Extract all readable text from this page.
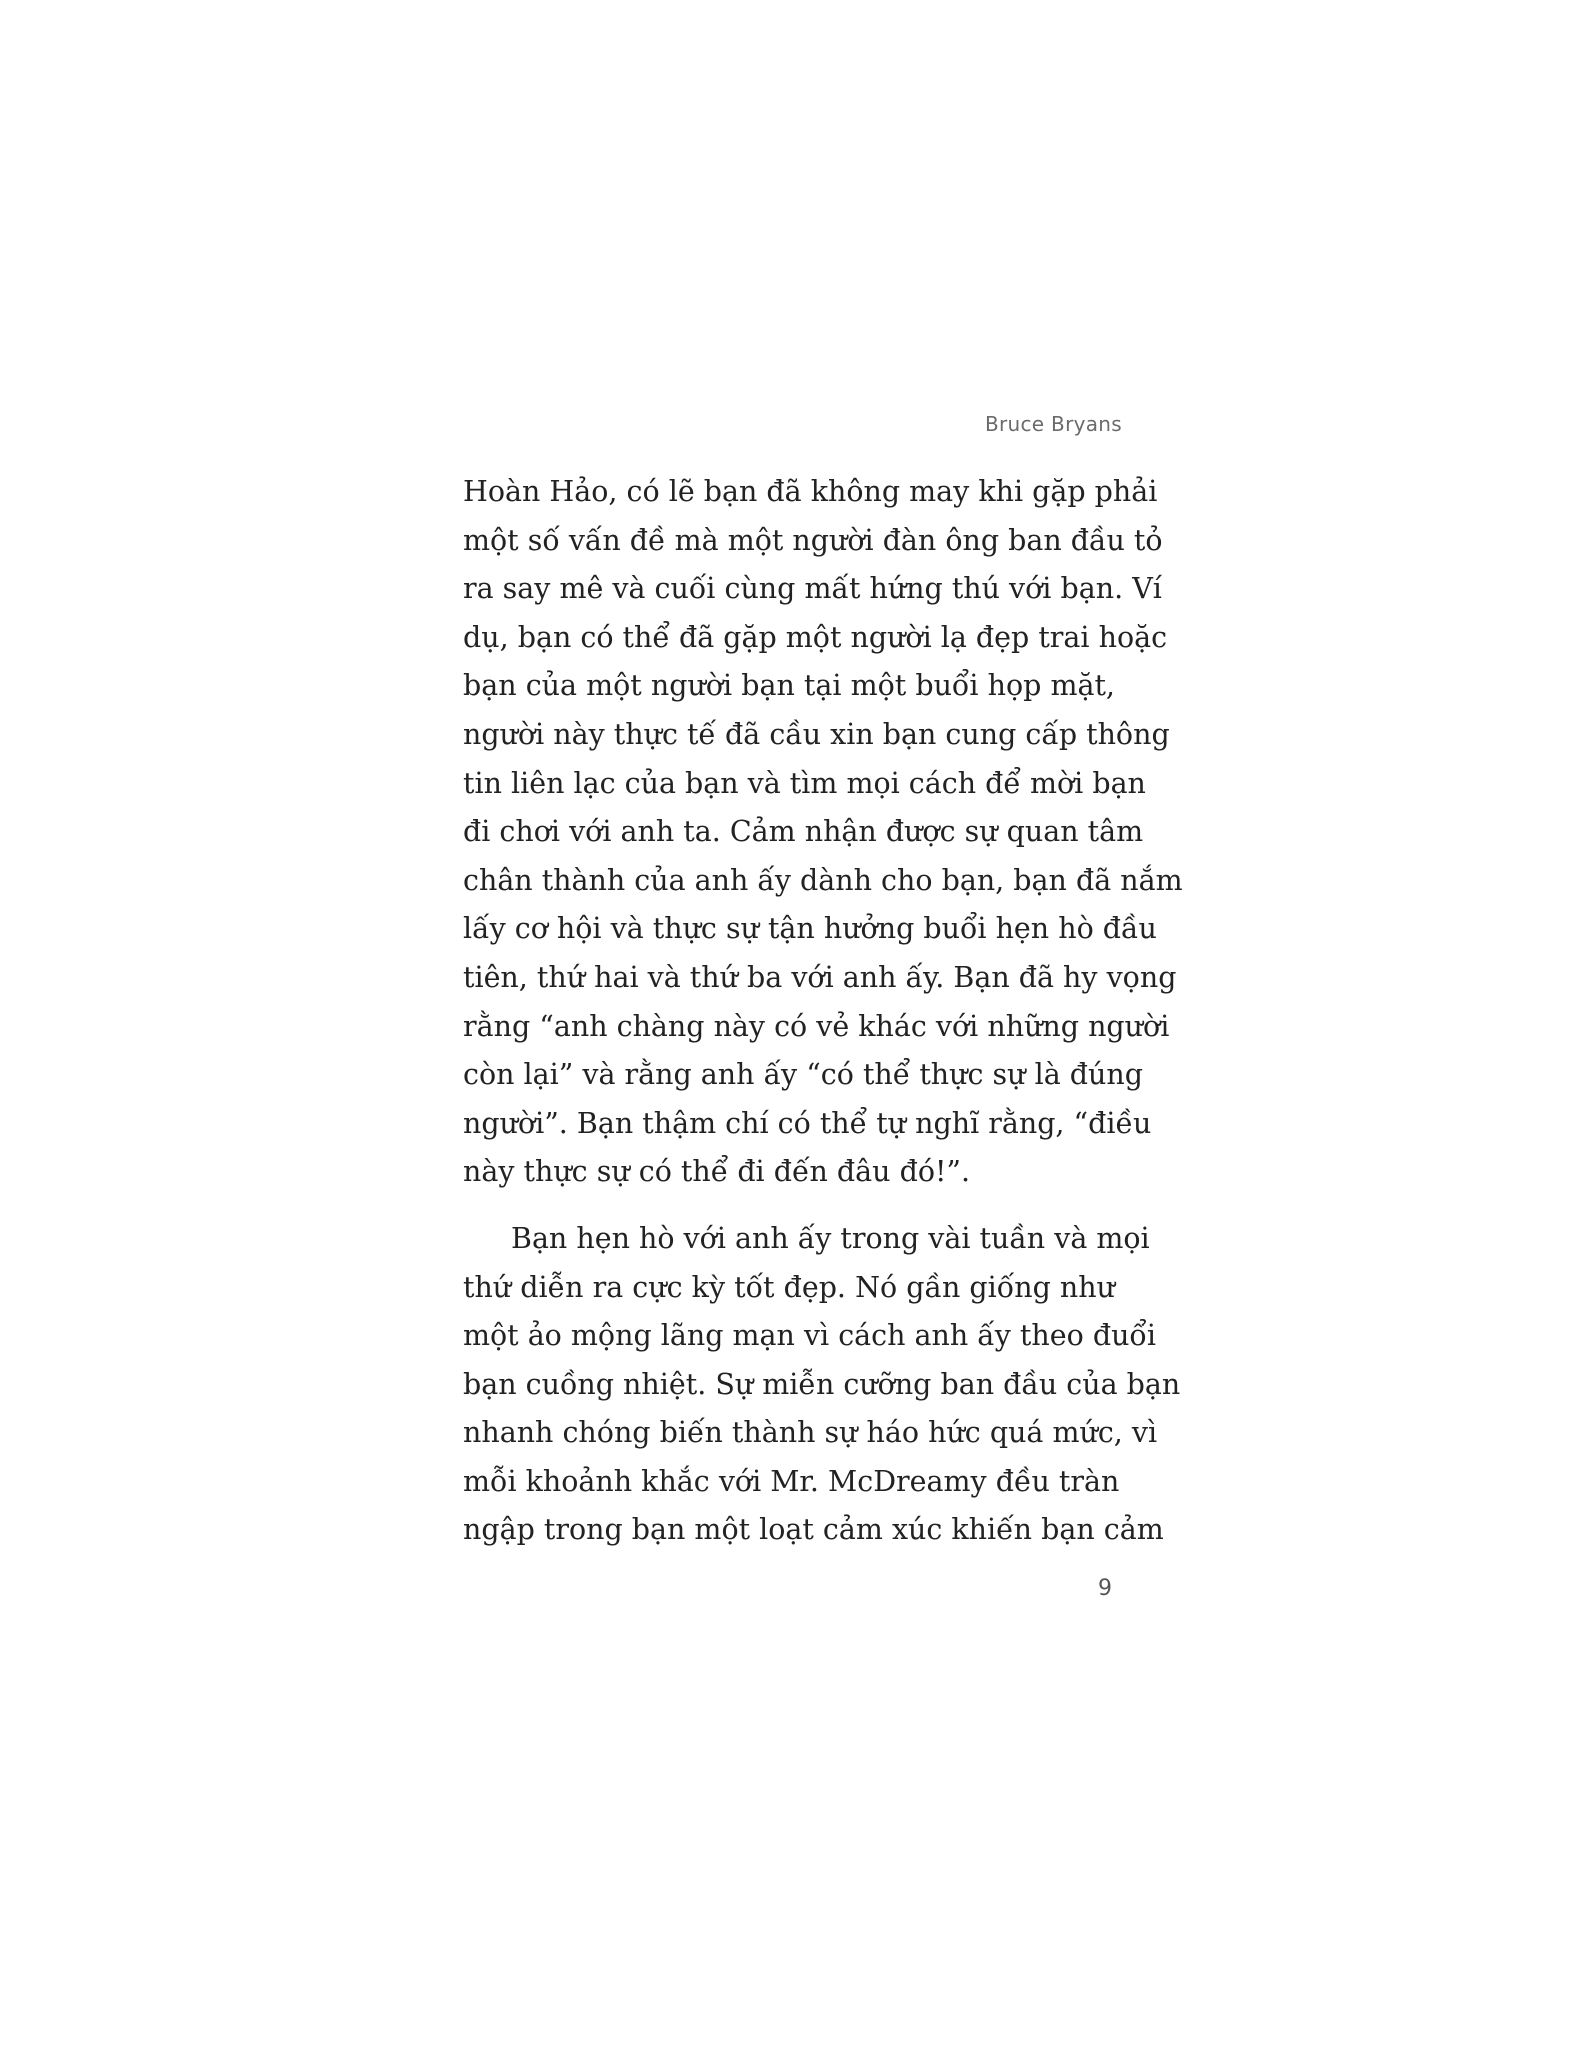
Bruce Bryans
Hoàn Hảo, có lẽ bạn đã không may khi gặp phải
một số vấn đề mà một người đàn ông ban đầu tỏ
ra say mê và cuối cùng mất hứng thú với bạn. Ví
dụ, bạn có thể đã gặp một người lạ đẹp trai hoặc
bạn của một người bạn tại một buổi họp mặt,
người này thực tế đã cầu xin bạn cung cấp thông
tin liên lạc của bạn và tìm mọi cách để mời bạn
đi chơi với anh ta. Cảm nhận được sự quan tâm
chân thành của anh ấy dành cho bạn, bạn đã nắm
lấy cơ hội và thực sự tận hưởng buổi hẹn hò đầu
tiên, thứ hai và thứ ba với anh ấy. Bạn đã hy vọng
rằng “anh chàng này có vẻ khác với những người
còn lại” và rằng anh ấy “có thể thực sự là đúng
người”. Bạn thậm chí có thể tự nghĩ rằng, “điều
này thực sự có thể đi đến đâu đó!”.
Bạn hẹn hò với anh ấy trong vài tuần và mọi
thứ diễn ra cực kỳ tốt đẹp. Nó gần giống như
một ảo mộng lãng mạn vì cách anh ấy theo đuổi
bạn cuồng nhiệt. Sự miễn cưỡng ban đầu của bạn
nhanh chóng biến thành sự háo hức quá mức, vì
mỗi khoảnh khắc với Mr. McDreamy đều tràn
ngập trong bạn một loạt cảm xúc khiến bạn cảm
9
